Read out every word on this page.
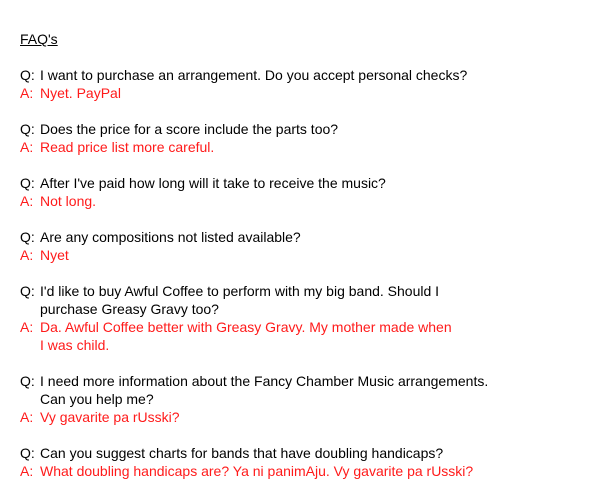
FAQ's
Q: I want to purchase an arrangement. Do you accept personal checks?
A: Nyet. PayPal
Q: Does the price for a score include the parts too?
A: Read price list more careful.
Q: After I've paid how long will it take to receive the music?
A: Not long.
Q: Are any compositions not listed available?
A: Nyet
Q: I'd like to buy Awful Coffee to perform with my big band. Should I
purchase Greasy Gravy too?
A: Da. Awful Coffee better with Greasy Gravy. My mother made when
I was child.
Q: I need more information about the Fancy Chamber Music arrangements.
Can you help me?
A: Vy gavarite pa rUsski?
Q: Can you suggest charts for bands that have doubling handicaps?
A: What doubling handicaps are? Ya ni panimAju. Vy gavarite pa rUsski?
